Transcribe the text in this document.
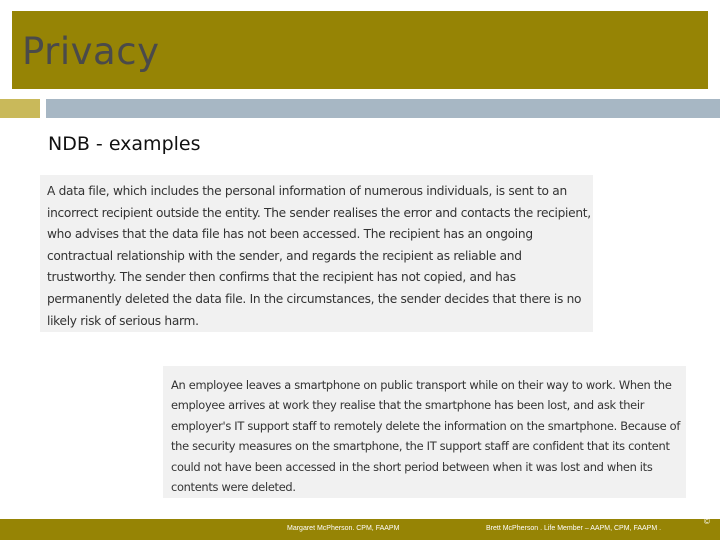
Privacy
NDB - examples

A data file, which includes the personal information of numerous individuals, is sent to an incorrect recipient outside the entity. The sender realises the error and contacts the recipient, who advises that the data file has not been accessed. The recipient has an ongoing contractual relationship with the sender, and regards the recipient as reliable and trustworthy. The sender then confirms that the recipient has not copied, and has permanently deleted the data file. In the circumstances, the sender decides that there is no likely risk of serious harm.

An employee leaves a smartphone on public transport while on their way to work. When the employee arrives at work they realise that the smartphone has been lost, and ask their employer's IT support staff to remotely delete the information on the smartphone. Because of the security measures on the smartphone, the IT support staff are confident that its content could not have been accessed in the short period between when it was lost and when its contents were deleted.

Margaret McPherson. CPM, FAAPM	Brett McPherson . Life Member – AAPM, CPM, FAAPM .
©
